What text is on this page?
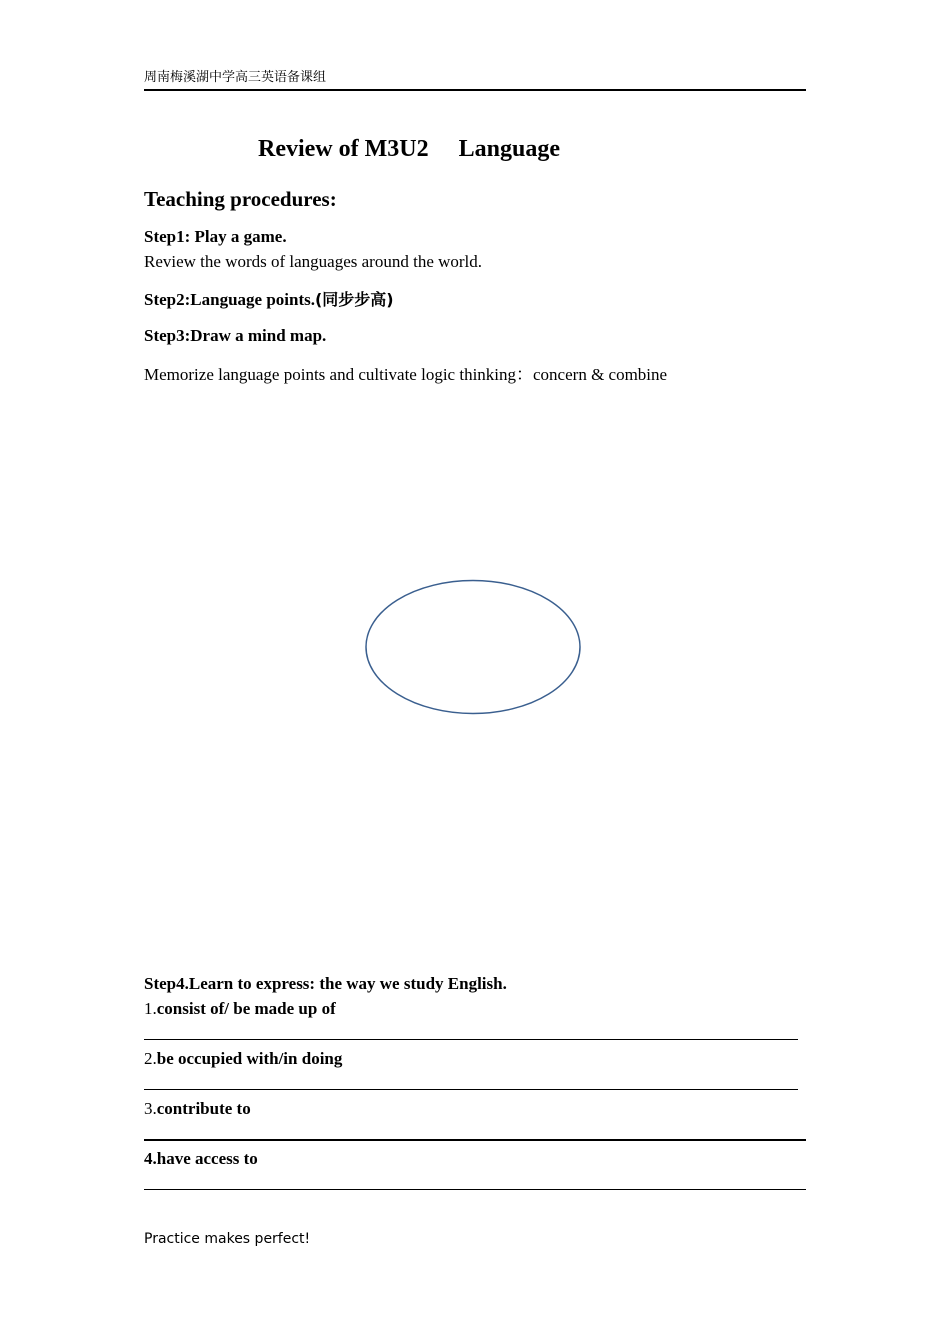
周南梅溪湖中学高三英语备课组
Review of M3U2     Language
Teaching procedures:
Step1: Play a game.
Review the words of languages around the world.
Step2:Language points.(同步步高)
Step3:Draw a mind map.
Memorize language points and cultivate logic thinking：concern & combine
Step4.Learn to express: the way we study English.
1.consist of/ be made up of
2.be occupied with/in doing
3.contribute to
4.have access to
Practice makes perfect!
